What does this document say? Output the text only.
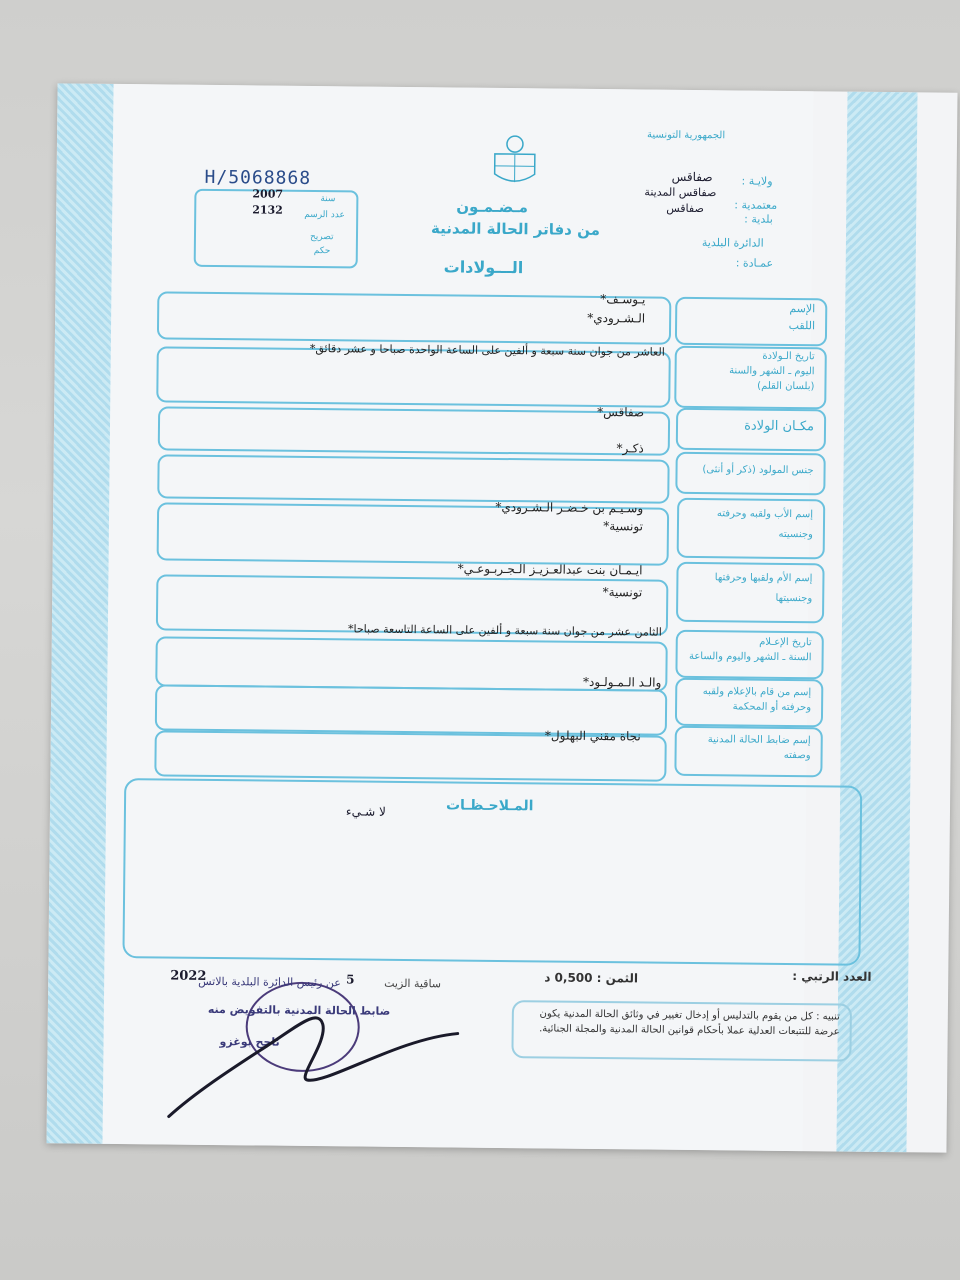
الجمهورية التونسية
ولايـة :
صفاقس
معتمدية :
صفاقس المدينة
بلدية :
صفاقس
الدائرة البلدية
عمـادة :
H/5068868
2007	سنة
2132 عدد الرسم
تصريح
حكم
مـضـمـون
من دفاتر الحالة المدنية
الـــولادات
الإسم
اللقب
يـوسـف*
الـشـرودي*
تاريخ الـولادة
اليوم ـ الشهر والسنة
(بلسان القلم)
العاشر من جوان سنة سبعة و ألفين على الساعة الواحدة صباحا و عشر دقائق*
مكـان الولادة
صفاقس*
جنس المولود (ذكر أو أنثى)
ذكـر*
إسم الأب ولقبه وحرفته
وجنسيته
وسـيـم بن خـضـر الـشـرودي*
تونسية*
إسم الأم ولقبها وحرفتها
وجنسيتها
ايـمـان بنت عبدالعـزيـز الـجـربـوعـي*
تونسية*
تاريخ الإعـلام
السنة ـ الشهر واليوم والساعة
الثامن عشر من جوان سنة سبعة و ألفين على الساعة التاسعة صباحا*
إسم من قام بالإعلام ولقبه
وحرفته أو المحكمة
والـد الـمـولـود*
إسم ضابط الحالة المدنية
وصفته
نجاة مقني البهلول*
المـلاحـظـات
لا شـيء
العدد الرتبي :
الثمن : 0,500 د
ساقية الزيت
5
2022
عن رئيس الدائرة البلدية بالاتس
ضابط الحالة المدنية بالتفويض منه
ناجح بوغزو
تنبيه : كل من يقوم بالتدليس أو إدخال تغيير في وثائق الحالة المدنية يكون عرضة للتتبعات العدلية عملا بأحكام قوانين الحالة المدنية والمجلة الجنائية.
